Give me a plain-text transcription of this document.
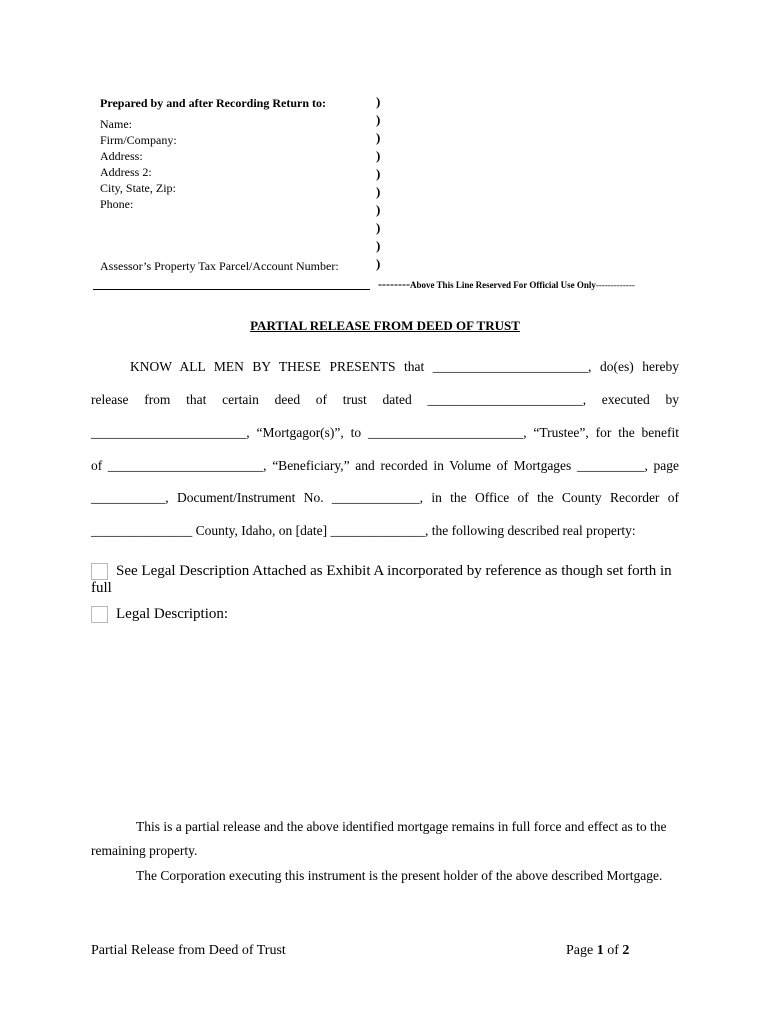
Prepared by and after Recording Return to:
Name:
Firm/Company:
Address:
Address 2:
City, State, Zip:
Phone:
Assessor’s Property Tax Parcel/Account Number:
)
)
)
)
)
)
)
)
)
)
--------Above This Line Reserved For Official Use Only-------------
PARTIAL RELEASE FROM DEED OF TRUST
KNOW ALL MEN BY THESE PRESENTS that _______________________, do(es) hereby
release from that certain deed of trust dated _______________________, executed by
_______________________, “Mortgagor(s)”, to _______________________, “Trustee”, for the benefit
of _______________________, “Beneficiary,” and recorded in Volume of Mortgages __________, page
___________, Document/Instrument No. _____________, in the Office of the County Recorder of
_______________ County, Idaho, on [date] ______________, the following described real property:
See Legal Description Attached as Exhibit A incorporated by reference as though set forth in
full
Legal Description:
This is a partial release and the above identified mortgage remains in full force and effect as to the remaining property.
The Corporation executing this instrument is the present holder of the above described Mortgage.
Partial Release from Deed of Trust	Page 1 of 2
